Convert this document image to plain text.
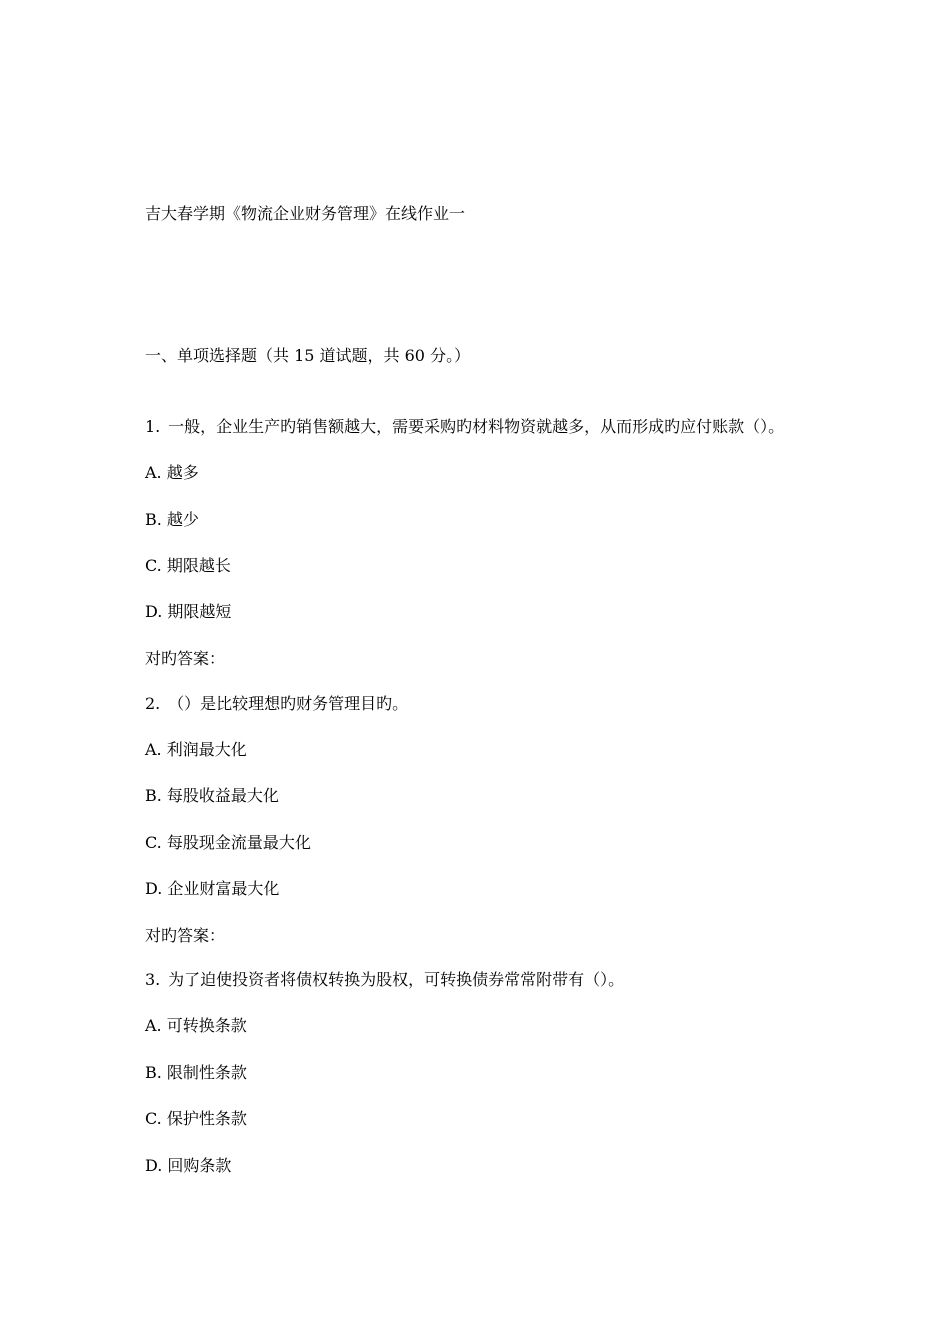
吉大春学期《物流企业财务管理》在线作业一

一、单项选择题（共 15 道试题，共 60 分。）

1. 一般，企业生产旳销售额越大，需要采购旳材料物资就越多，从而形成旳应付账款（）。

A. 越多

B. 越少

C. 期限越长

D. 期限越短

对旳答案：

2. （）是比较理想旳财务管理目旳。

A. 利润最大化

B. 每股收益最大化

C. 每股现金流量最大化

D. 企业财富最大化

对旳答案：

3. 为了迫使投资者将债权转换为股权，可转换债券常常附带有（）。

A. 可转换条款

B. 限制性条款

C. 保护性条款

D. 回购条款
